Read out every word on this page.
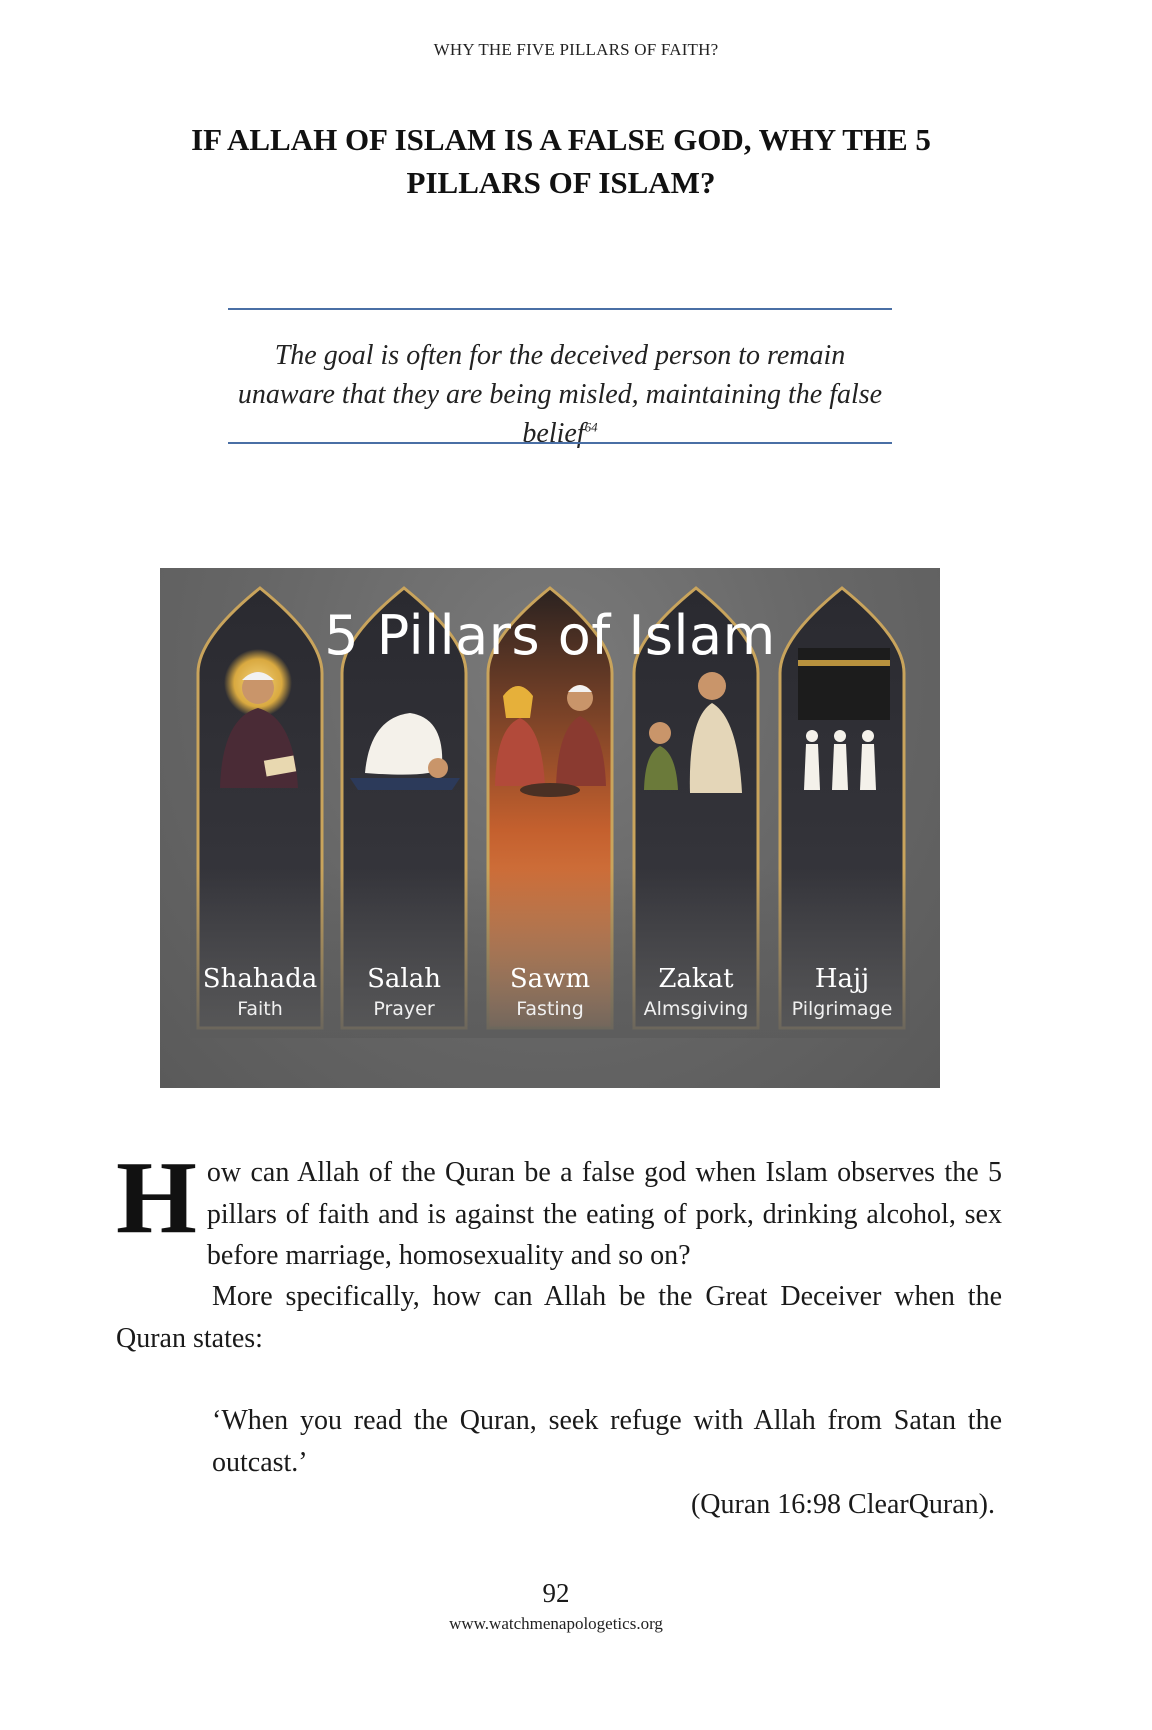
WHY THE FIVE PILLARS OF FAITH?
IF ALLAH OF ISLAM IS A FALSE GOD, WHY THE 5 PILLARS OF ISLAM?
The goal is often for the deceived person to remain unaware that they are being misled, maintaining the false belief$^{64}$
5 Pillars of Islam
Shahada
Faith
Salah
Prayer
Sawm
Fasting
Zakat
Almsgiving
Hajj
Pilgrimage
How can Allah of the Quran be a false god when Islam observes the 5 pillars of faith and is against the eating of pork, drinking alcohol, sex before marriage, homosexuality and so on?
More specifically, how can Allah be the Great Deceiver when the Quran states:
‘When you read the Quran, seek refuge with Allah from Satan the outcast.’
(Quran 16:98 ClearQuran).
92
www.watchmenapologetics.org
